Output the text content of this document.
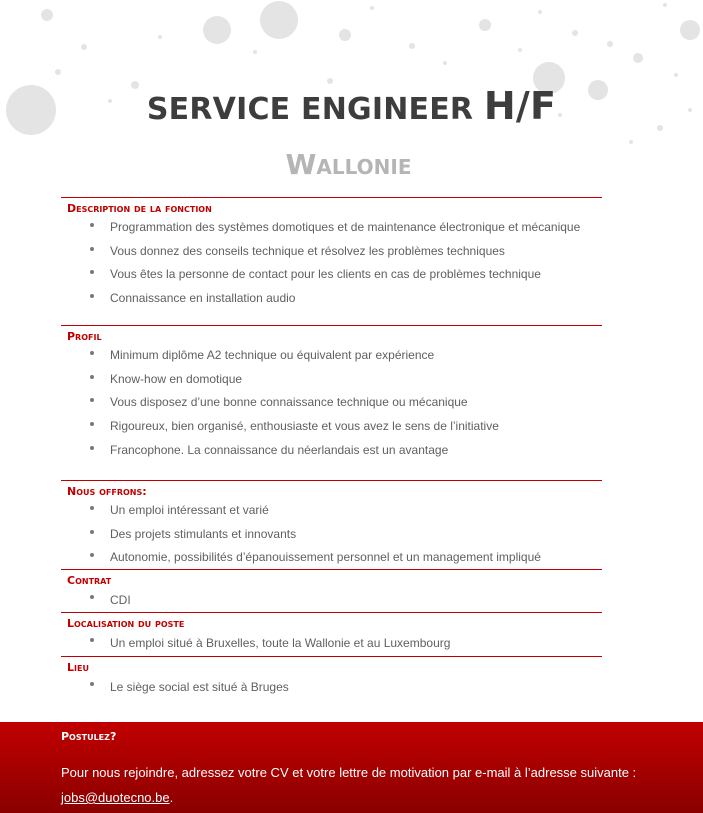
SERVICE ENGINEER H/F
Wallonie
Description de la fonction
Programmation des systèmes domotiques et de maintenance électronique et mécanique
Vous donnez des conseils technique et résolvez les problèmes techniques
Vous êtes la personne de contact pour les clients en cas de problèmes technique
Connaissance en installation audio
Profil
Minimum diplôme A2 technique ou équivalent par expérience
Know-how en domotique
Vous disposez d’une bonne connaissance technique ou mécanique
Rigoureux, bien organisé, enthousiaste et vous avez le sens de l’initiative
Francophone. La connaissance du néerlandais est un avantage
Nous offrons:
Un emploi intéressant et varié
Des projets stimulants et innovants
Autonomie, possibilités d’épanouissement personnel et un management impliqué
Contrat
CDI
Localisation du poste
Un emploi situé à Bruxelles, toute la Wallonie et au Luxembourg
Lieu
Le siège social est situé à Bruges
Postulez?
Pour nous rejoindre, adressez votre CV et votre lettre de motivation par e-mail à l’adresse suivante : jobs@duotecno.be.
